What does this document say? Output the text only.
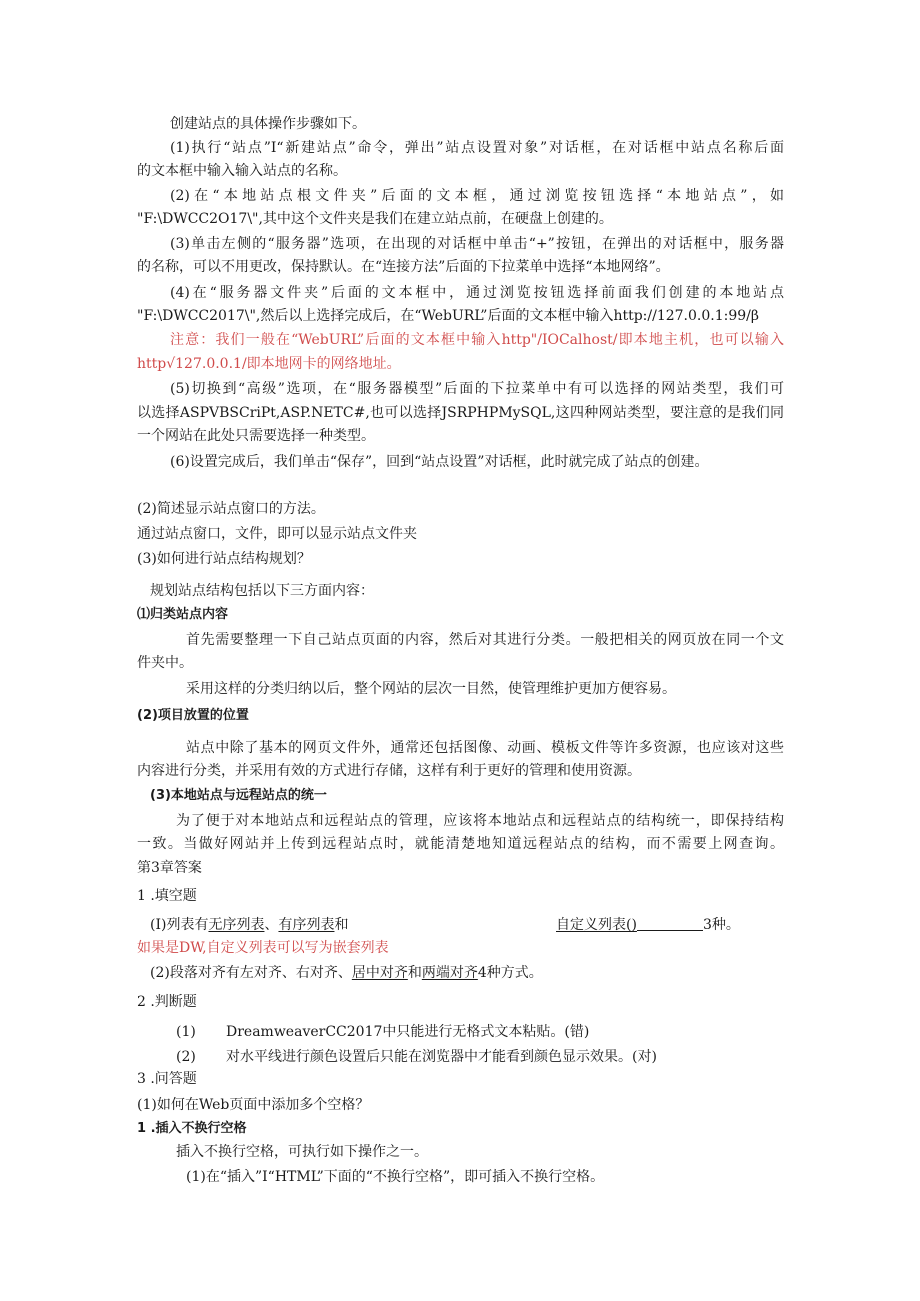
创建站点的具体操作步骤如下。
(1)执行“站点”I“新建站点”命令，弹出”站点设置对象”对话框，在对话框中站点名称后面
的文本框中输入输入站点的名称。
(2)在“本地站点根文件夹”后面的文本框，通过浏览按钮选择“本地站点”，如
"F:\DWCC2O17\",其中这个文件夹是我们在建立站点前，在硬盘上创建的。
(3)单击左侧的“服务器”选项，在出现的对话框中单击“+”按钮，在弹出的对话框中，服务器
的名称，可以不用更改，保持默认。在“连接方法”后面的下拉菜单中选择“本地网络”。
(4)在“服务器文件夹”后面的文本框中，通过浏览按钮选择前面我们创建的本地站点
"F:\DWCC2017\",然后以上选择完成后，在“WebURL”后面的文本框中输入http://127.0.0.1:99/β
注意：我们一般在“WebURL”后面的文本框中输入http"/IOCalhost/即本地主机，也可以输入
http√127.0.0.1/即本地网卡的网络地址。
(5)切换到“高级”选项，在“服务器模型”后面的下拉菜单中有可以选择的网站类型，我们可
以选择ASPVBSCriPt,ASP.NETC#,也可以选择JSRPHPMySQL,这四种网站类型，要注意的是我们同
一个网站在此处只需要选择一种类型。
(6)设置完成后，我们单击“保存”，回到“站点设置”对话框，此时就完成了站点的创建。
(2)简述显示站点窗口的方法。
通过站点窗口，文件，即可以显示站点文件夹
(3)如何进行站点结构规划？
规划站点结构包括以下三方面内容：
⑴归类站点内容
首先需要整理一下自己站点页面的内容，然后对其进行分类。一般把相关的网页放在同一个文
件夹中。
采用这样的分类归纳以后，整个网站的层次一目然，使管理维护更加方便容易。
(2)项目放置的位置
站点中除了基本的网页文件外，通常还包括图像、动画、模板文件等许多资源，也应该对这些
内容进行分类，并采用有效的方式进行存储，这样有利于更好的管理和使用资源。
(3)本地站点与远程站点的统一
为了便于对本地站点和远程站点的管理，应该将本地站点和远程站点的结构统一，即保持结构
一致。当做好网站并上传到远程站点时，就能清楚地知道远程站点的结构，而不需要上网查询。
第3章答案
1 .填空题
(I)列表有无序列表、有序列表和	自定义列表()	3种。
如果是DW,自定义列表可以写为嵌套列表
(2)段落对齐有左对齐、右对齐、居中对齐和两端对齐4种方式。
2 .判断题
(1) DreamweaverCC2017中只能进行无格式文本粘贴。(错)
(2) 对水平线进行颜色设置后只能在浏览器中才能看到颜色显示效果。(对)
3 .问答题
(1)如何在Web页面中添加多个空格？
1 .插入不换行空格
插入不换行空格，可执行如下操作之一。
(1)在“插入”I“HTML”下面的“不换行空格”，即可插入不换行空格。
